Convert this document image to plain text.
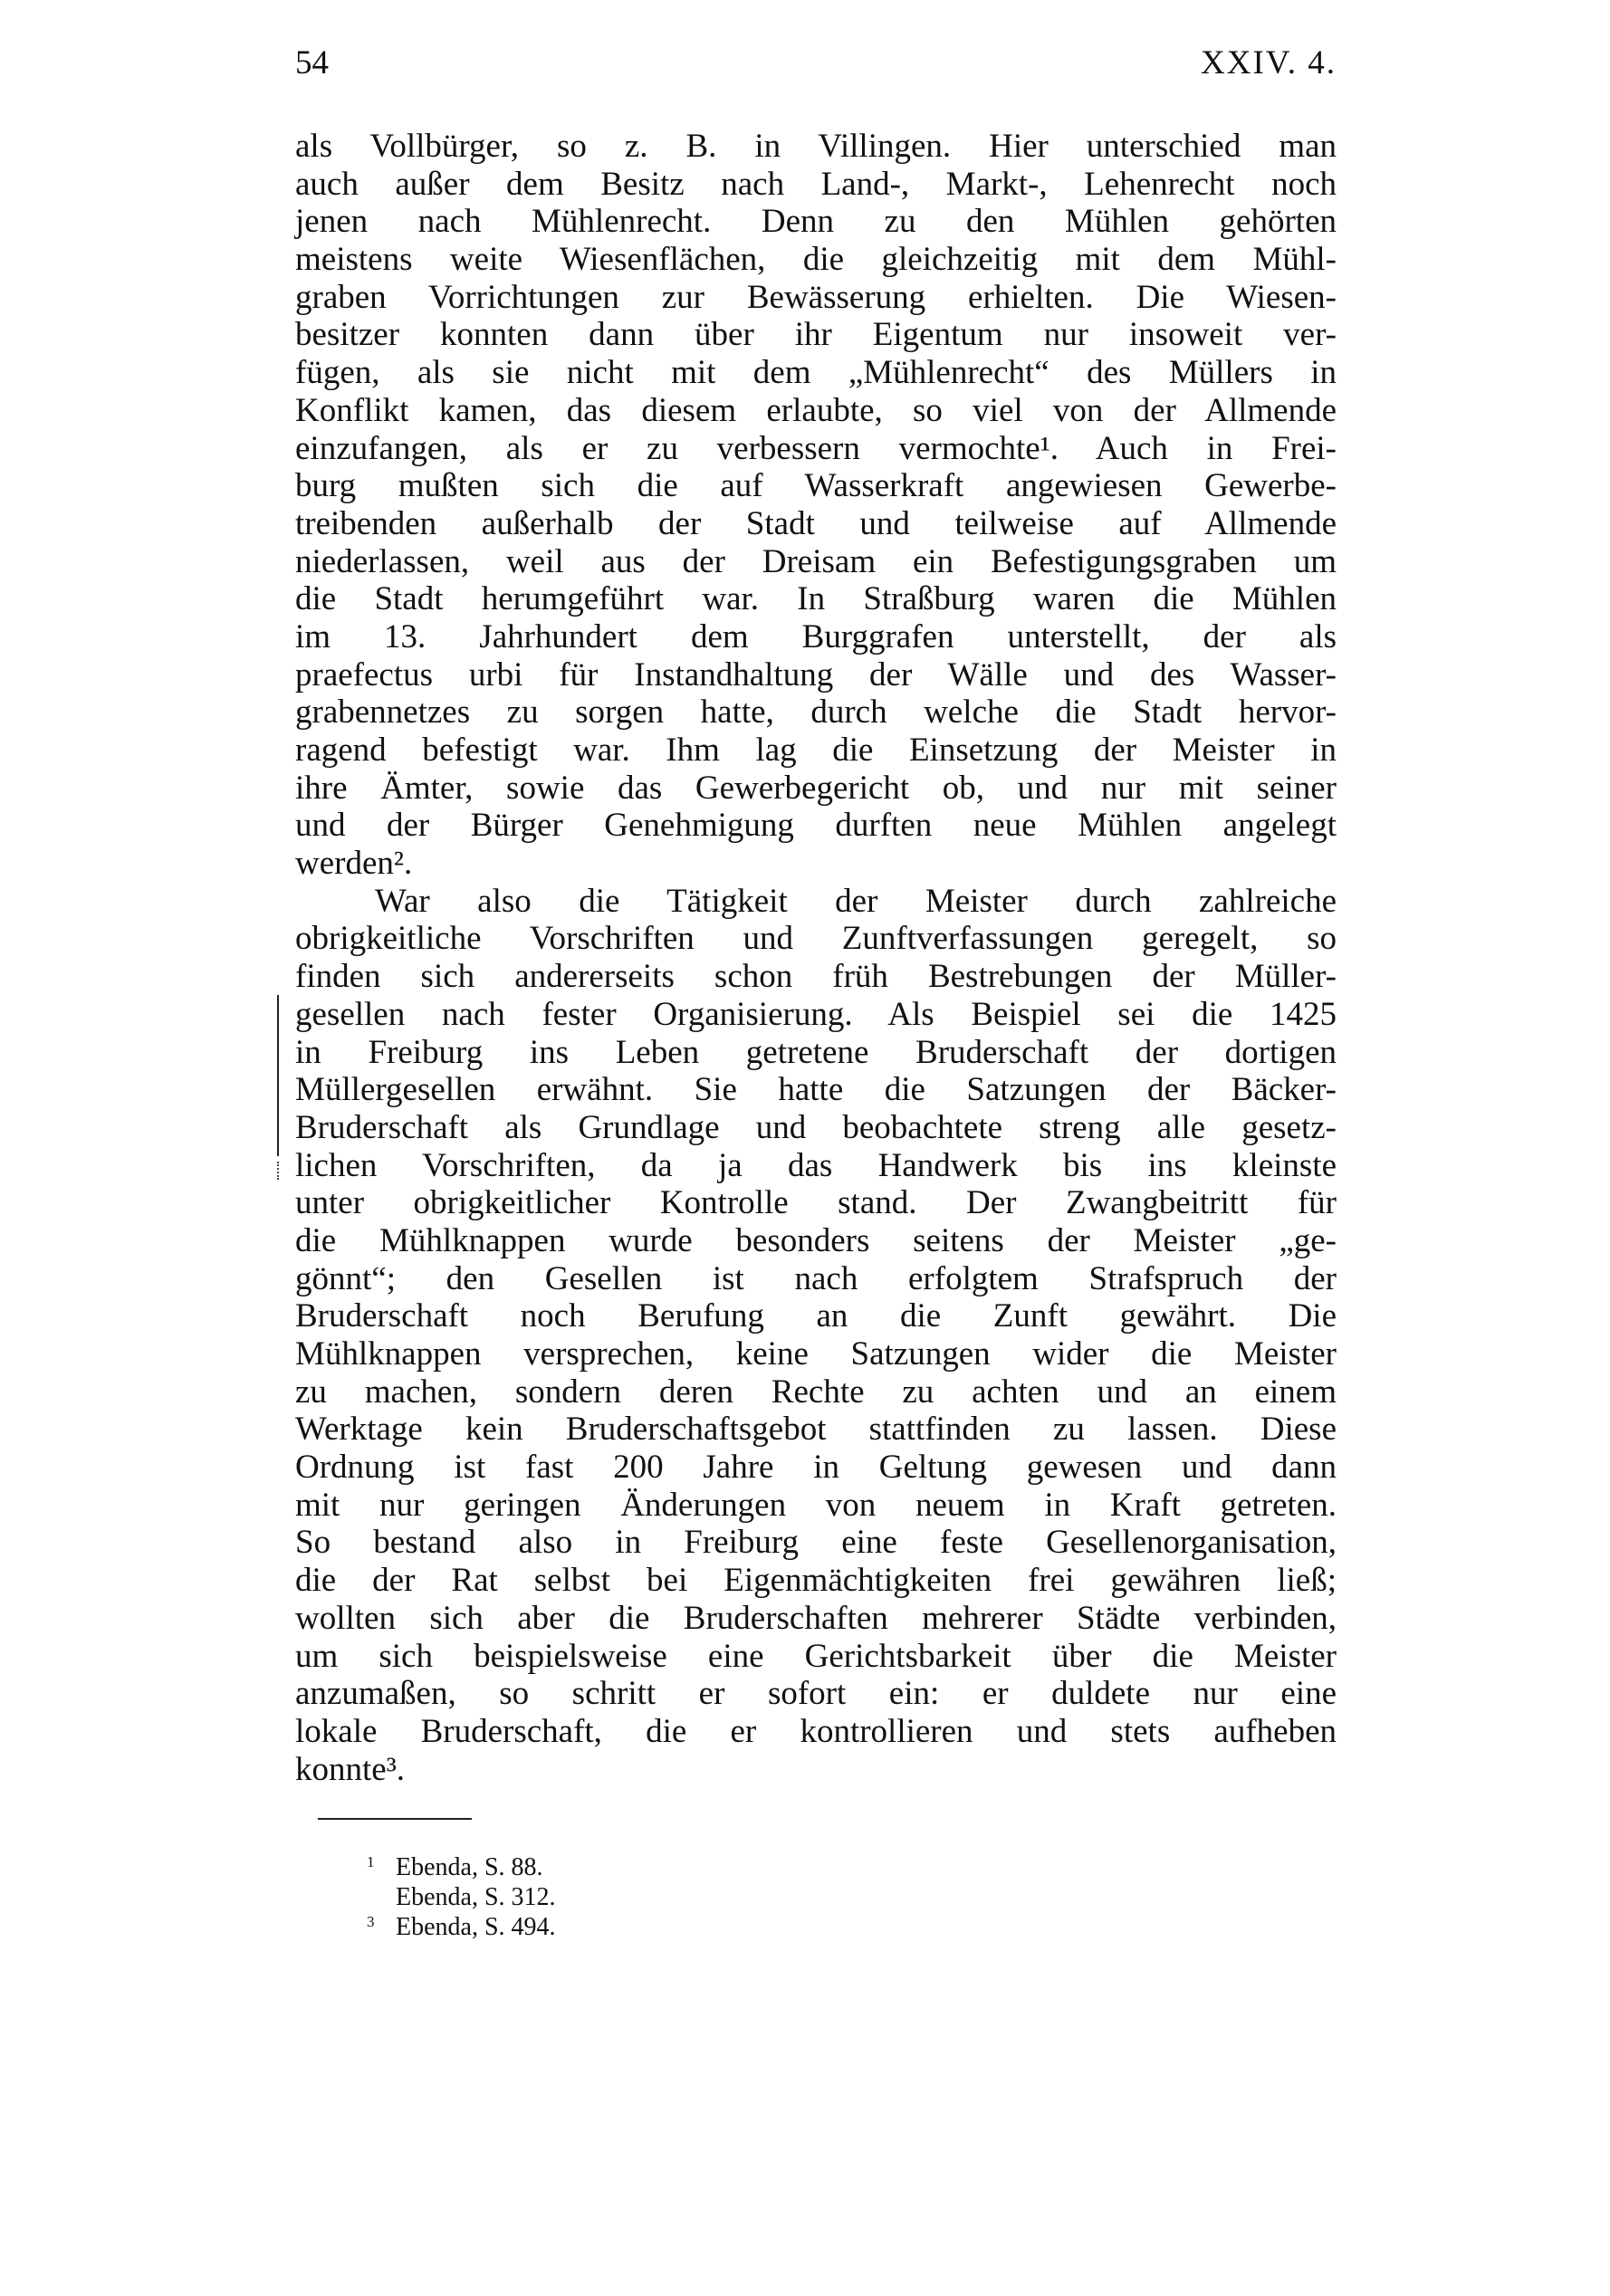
54	XXIV. 4.
als Vollbürger, so z. B. in Villingen. Hier unterschied man
auch außer dem Besitz nach Land-, Markt-, Lehenrecht noch
jenen nach Mühlenrecht. Denn zu den Mühlen gehörten
meistens weite Wiesenflächen, die gleichzeitig mit dem Mühl-
graben Vorrichtungen zur Bewässerung erhielten. Die Wiesen-
besitzer konnten dann über ihr Eigentum nur insoweit ver-
fügen, als sie nicht mit dem „Mühlenrecht“ des Müllers in
Konflikt kamen, das diesem erlaubte, so viel von der Allmende
einzufangen, als er zu verbessern vermochte¹. Auch in Frei-
burg mußten sich die auf Wasserkraft angewiesen Gewerbe-
treibenden außerhalb der Stadt und teilweise auf Allmende
niederlassen, weil aus der Dreisam ein Befestigungsgraben um
die Stadt herumgeführt war. In Straßburg waren die Mühlen
im 13. Jahrhundert dem Burggrafen unterstellt, der als
praefectus urbi für Instandhaltung der Wälle und des Wasser-
grabennetzes zu sorgen hatte, durch welche die Stadt hervor-
ragend befestigt war. Ihm lag die Einsetzung der Meister in
ihre Ämter, sowie das Gewerbegericht ob, und nur mit seiner
und der Bürger Genehmigung durften neue Mühlen angelegt
werden².
War also die Tätigkeit der Meister durch zahlreiche
obrigkeitliche Vorschriften und Zunftverfassungen geregelt, so
finden sich andererseits schon früh Bestrebungen der Müller-
gesellen nach fester Organisierung. Als Beispiel sei die 1425
in Freiburg ins Leben getretene Bruderschaft der dortigen
Müllergesellen erwähnt. Sie hatte die Satzungen der Bäcker-
Bruderschaft als Grundlage und beobachtete streng alle gesetz-
lichen Vorschriften, da ja das Handwerk bis ins kleinste
unter obrigkeitlicher Kontrolle stand. Der Zwangbeitritt für
die Mühlknappen wurde besonders seitens der Meister „ge-
gönnt“; den Gesellen ist nach erfolgtem Strafspruch der
Bruderschaft noch Berufung an die Zunft gewährt. Die
Mühlknappen versprechen, keine Satzungen wider die Meister
zu machen, sondern deren Rechte zu achten und an einem
Werktage kein Bruderschaftsgebot stattfinden zu lassen. Diese
Ordnung ist fast 200 Jahre in Geltung gewesen und dann
mit nur geringen Änderungen von neuem in Kraft getreten.
So bestand also in Freiburg eine feste Gesellenorganisation,
die der Rat selbst bei Eigenmächtigkeiten frei gewähren ließ;
wollten sich aber die Bruderschaften mehrerer Städte verbinden,
um sich beispielsweise eine Gerichtsbarkeit über die Meister
anzumaßen, so schritt er sofort ein: er duldete nur eine
lokale Bruderschaft, die er kontrollieren und stets aufheben
konnte³.
1 Ebenda, S. 88.
Ebenda, S. 312.
3 Ebenda, S. 494.
